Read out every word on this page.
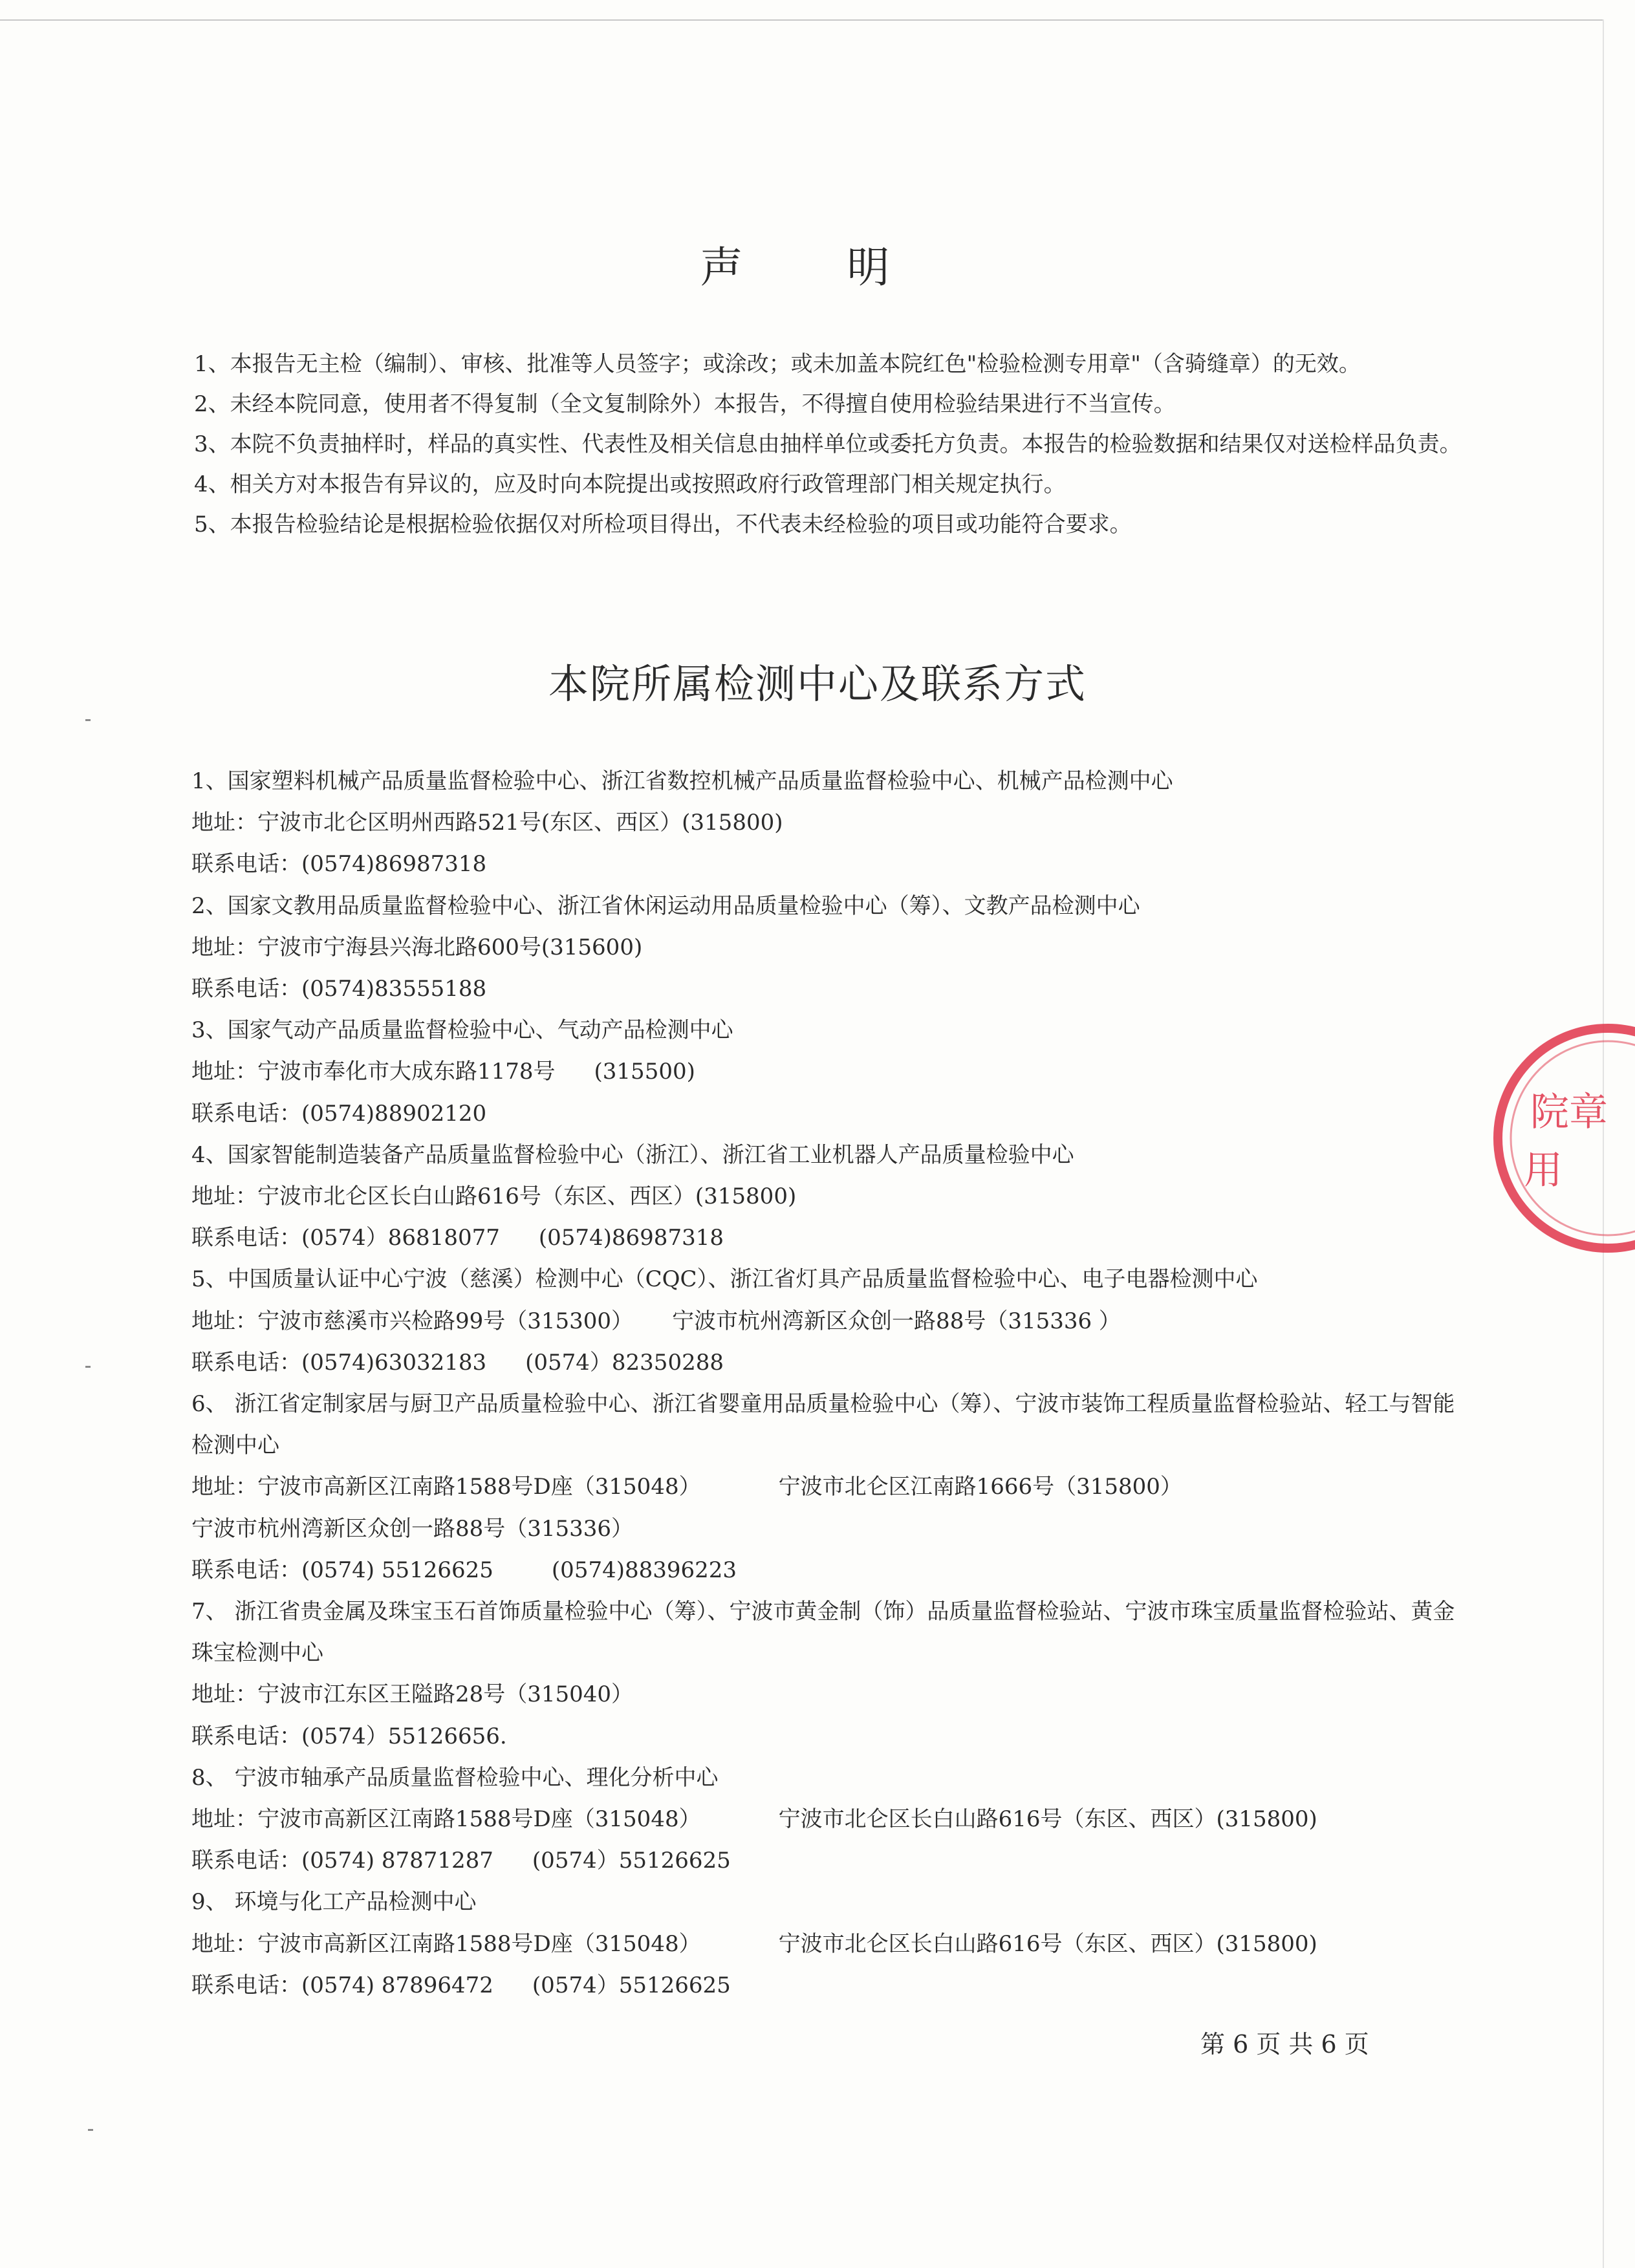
声 明

1、本报告无主检（编制）、审核、批准等人员签字；或涂改；或未加盖本院红色"检验检测专用章"（含骑缝章）的无效。

2、未经本院同意，使用者不得复制（全文复制除外）本报告，不得擅自使用检验结果进行不当宣传。

3、本院不负责抽样时，样品的真实性、代表性及相关信息由抽样单位或委托方负责。本报告的检验数据和结果仅对送检样品负责。

4、相关方对本报告有异议的，应及时向本院提出或按照政府行政管理部门相关规定执行。

5、本报告检验结论是根据检验依据仅对所检项目得出，不代表未经检验的项目或功能符合要求。

本院所属检测中心及联系方式

1、国家塑料机械产品质量监督检验中心、浙江省数控机械产品质量监督检验中心、机械产品检测中心

地址：宁波市北仑区明州西路521号(东区、西区）(315800)

联系电话：(0574)86987318

2、国家文教用品质量监督检验中心、浙江省休闲运动用品质量检验中心（筹）、文教产品检测中心

地址：宁波市宁海县兴海北路600号(315600)

联系电话：(0574)83555188

3、国家气动产品质量监督检验中心、气动产品检测中心

地址：宁波市奉化市大成东路1178号 (315500)

联系电话：(0574)88902120

4、国家智能制造装备产品质量监督检验中心（浙江）、浙江省工业机器人产品质量检验中心

地址：宁波市北仑区长白山路616号（东区、西区）(315800)

联系电话：(0574）86818077 (0574)86987318

5、中国质量认证中心宁波（慈溪）检测中心（CQC）、浙江省灯具产品质量监督检验中心、电子电器检测中心

地址：宁波市慈溪市兴检路99号（315300） 宁波市杭州湾新区众创一路88号（315336 ）

联系电话：(0574)63032183 (0574）82350288

6、 浙江省定制家居与厨卫产品质量检验中心、浙江省婴童用品质量检验中心（筹）、宁波市装饰工程质量监督检验站、轻工与智能检测中心

地址：宁波市高新区江南路1588号D座（315048）	宁波市北仑区江南路1666号（315800）

宁波市杭州湾新区众创一路88号（315336）

联系电话：(0574) 55126625	(0574)88396223

7、 浙江省贵金属及珠宝玉石首饰质量检验中心（筹）、宁波市黄金制（饰）品质量监督检验站、宁波市珠宝质量监督检验站、黄金珠宝检测中心

地址：宁波市江东区王隘路28号（315040）

联系电话：(0574）55126656.

8、 宁波市轴承产品质量监督检验中心、理化分析中心

地址：宁波市高新区江南路1588号D座（315048）	宁波市北仑区长白山路616号（东区、西区）(315800)

联系电话：(0574) 87871287 (0574）55126625

9、 环境与化工产品检测中心

地址：宁波市高新区江南路1588号D座（315048）	宁波市北仑区长白山路616号（东区、西区）(315800)

联系电话：(0574) 87896472 (0574）55126625

第 6 页 共 6 页
院章
用
